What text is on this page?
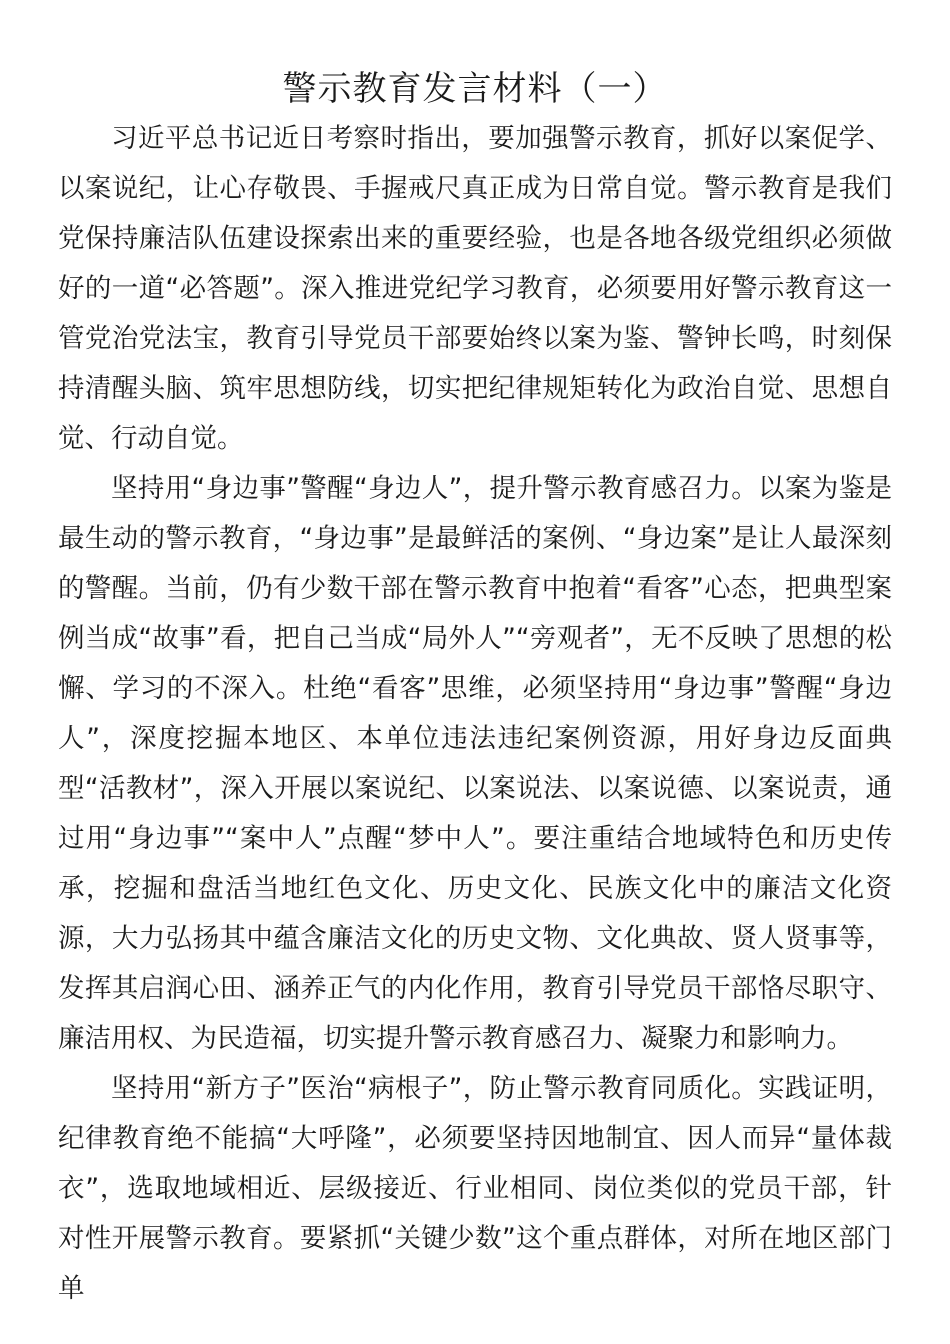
警示教育发言材料（一）

习近平总书记近日考察时指出，要加强警示教育，抓好以案促学、以案说纪，让心存敬畏、手握戒尺真正成为日常自觉。警示教育是我们党保持廉洁队伍建设探索出来的重要经验，也是各地各级党组织必须做好的一道“必答题”。深入推进党纪学习教育，必须要用好警示教育这一管党治党法宝，教育引导党员干部要始终以案为鉴、警钟长鸣，时刻保持清醒头脑、筑牢思想防线，切实把纪律规矩转化为政治自觉、思想自觉、行动自觉。

坚持用“身边事”警醒“身边人”，提升警示教育感召力。以案为鉴是最生动的警示教育，“身边事”是最鲜活的案例、“身边案”是让人最深刻的警醒。当前，仍有少数干部在警示教育中抱着“看客”心态，把典型案例当成“故事”看，把自己当成“局外人”“旁观者”，无不反映了思想的松懈、学习的不深入。杜绝“看客”思维，必须坚持用“身边事”警醒“身边人”，深度挖掘本地区、本单位违法违纪案例资源，用好身边反面典型“活教材”，深入开展以案说纪、以案说法、以案说德、以案说责，通过用“身边事”“案中人”点醒“梦中人”。要注重结合地域特色和历史传承，挖掘和盘活当地红色文化、历史文化、民族文化中的廉洁文化资源，大力弘扬其中蕴含廉洁文化的历史文物、文化典故、贤人贤事等，发挥其启润心田、涵养正气的内化作用，教育引导党员干部恪尽职守、廉洁用权、为民造福，切实提升警示教育感召力、凝聚力和影响力。

坚持用“新方子”医治“病根子”，防止警示教育同质化。实践证明，纪律教育绝不能搞“大呼隆”，必须要坚持因地制宜、因人而异“量体裁衣”，选取地域相近、层级接近、行业相同、岗位类似的党员干部，针对性开展警示教育。要紧抓“关键少数”这个重点群体，对所在地区部门单
